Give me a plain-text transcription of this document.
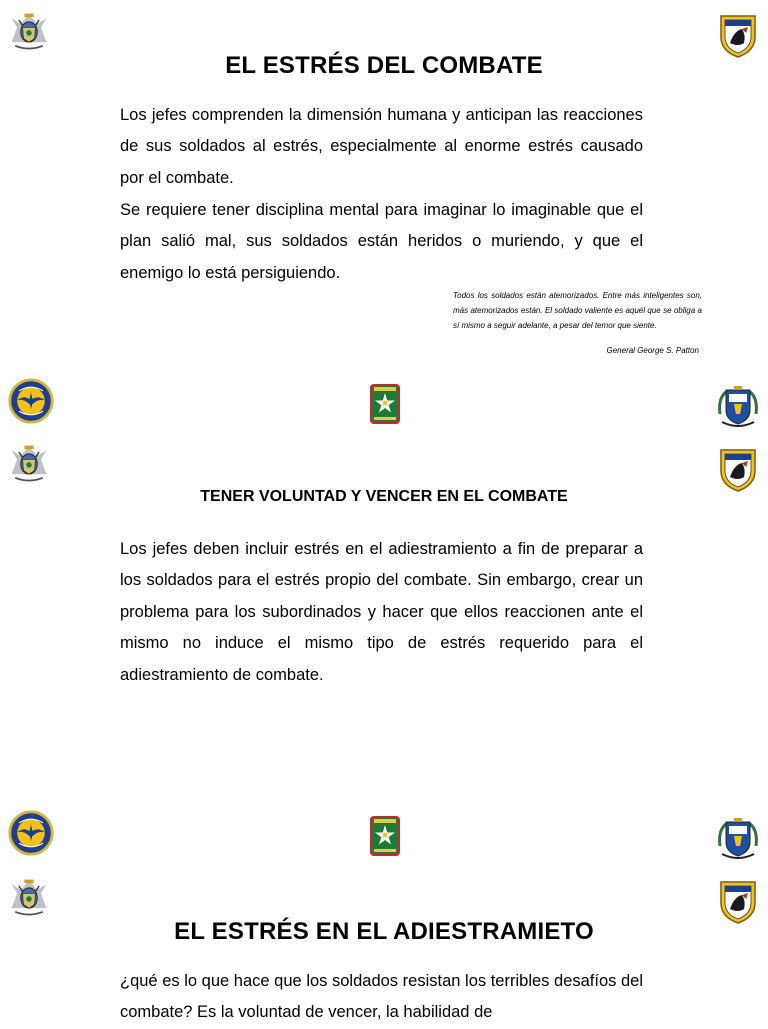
EL ESTRÉS DEL COMBATE

Los jefes comprenden la dimensión humana y anticipan las reacciones de sus soldados al estrés, especialmente al enorme estrés causado por el combate.

Se requiere tener disciplina mental para imaginar lo imaginable que el plan salió mal, sus soldados están heridos o muriendo, y que el enemigo lo está persiguiendo.

Todos los soldados están atemorizados. Entre más inteligentes son, más atemorizados están. El soldado valiente es aquél que se obliga a sí mismo a seguir adelante, a pesar del temor que siente.

General George S. Patton

TENER VOLUNTAD Y VENCER EN EL COMBATE

Los jefes deben incluir estrés en el adiestramiento a fin de preparar a los soldados para el estrés propio del combate. Sin embargo, crear un problema para los subordinados y hacer que ellos reaccionen ante el mismo no induce el mismo tipo de estrés requerido para el adiestramiento de combate.

EL ESTRÉS EN EL ADIESTRAMIETO

¿qué es lo que hace que los soldados resistan los terribles desafíos del combate? Es la voluntad de vencer, la habilidad de
